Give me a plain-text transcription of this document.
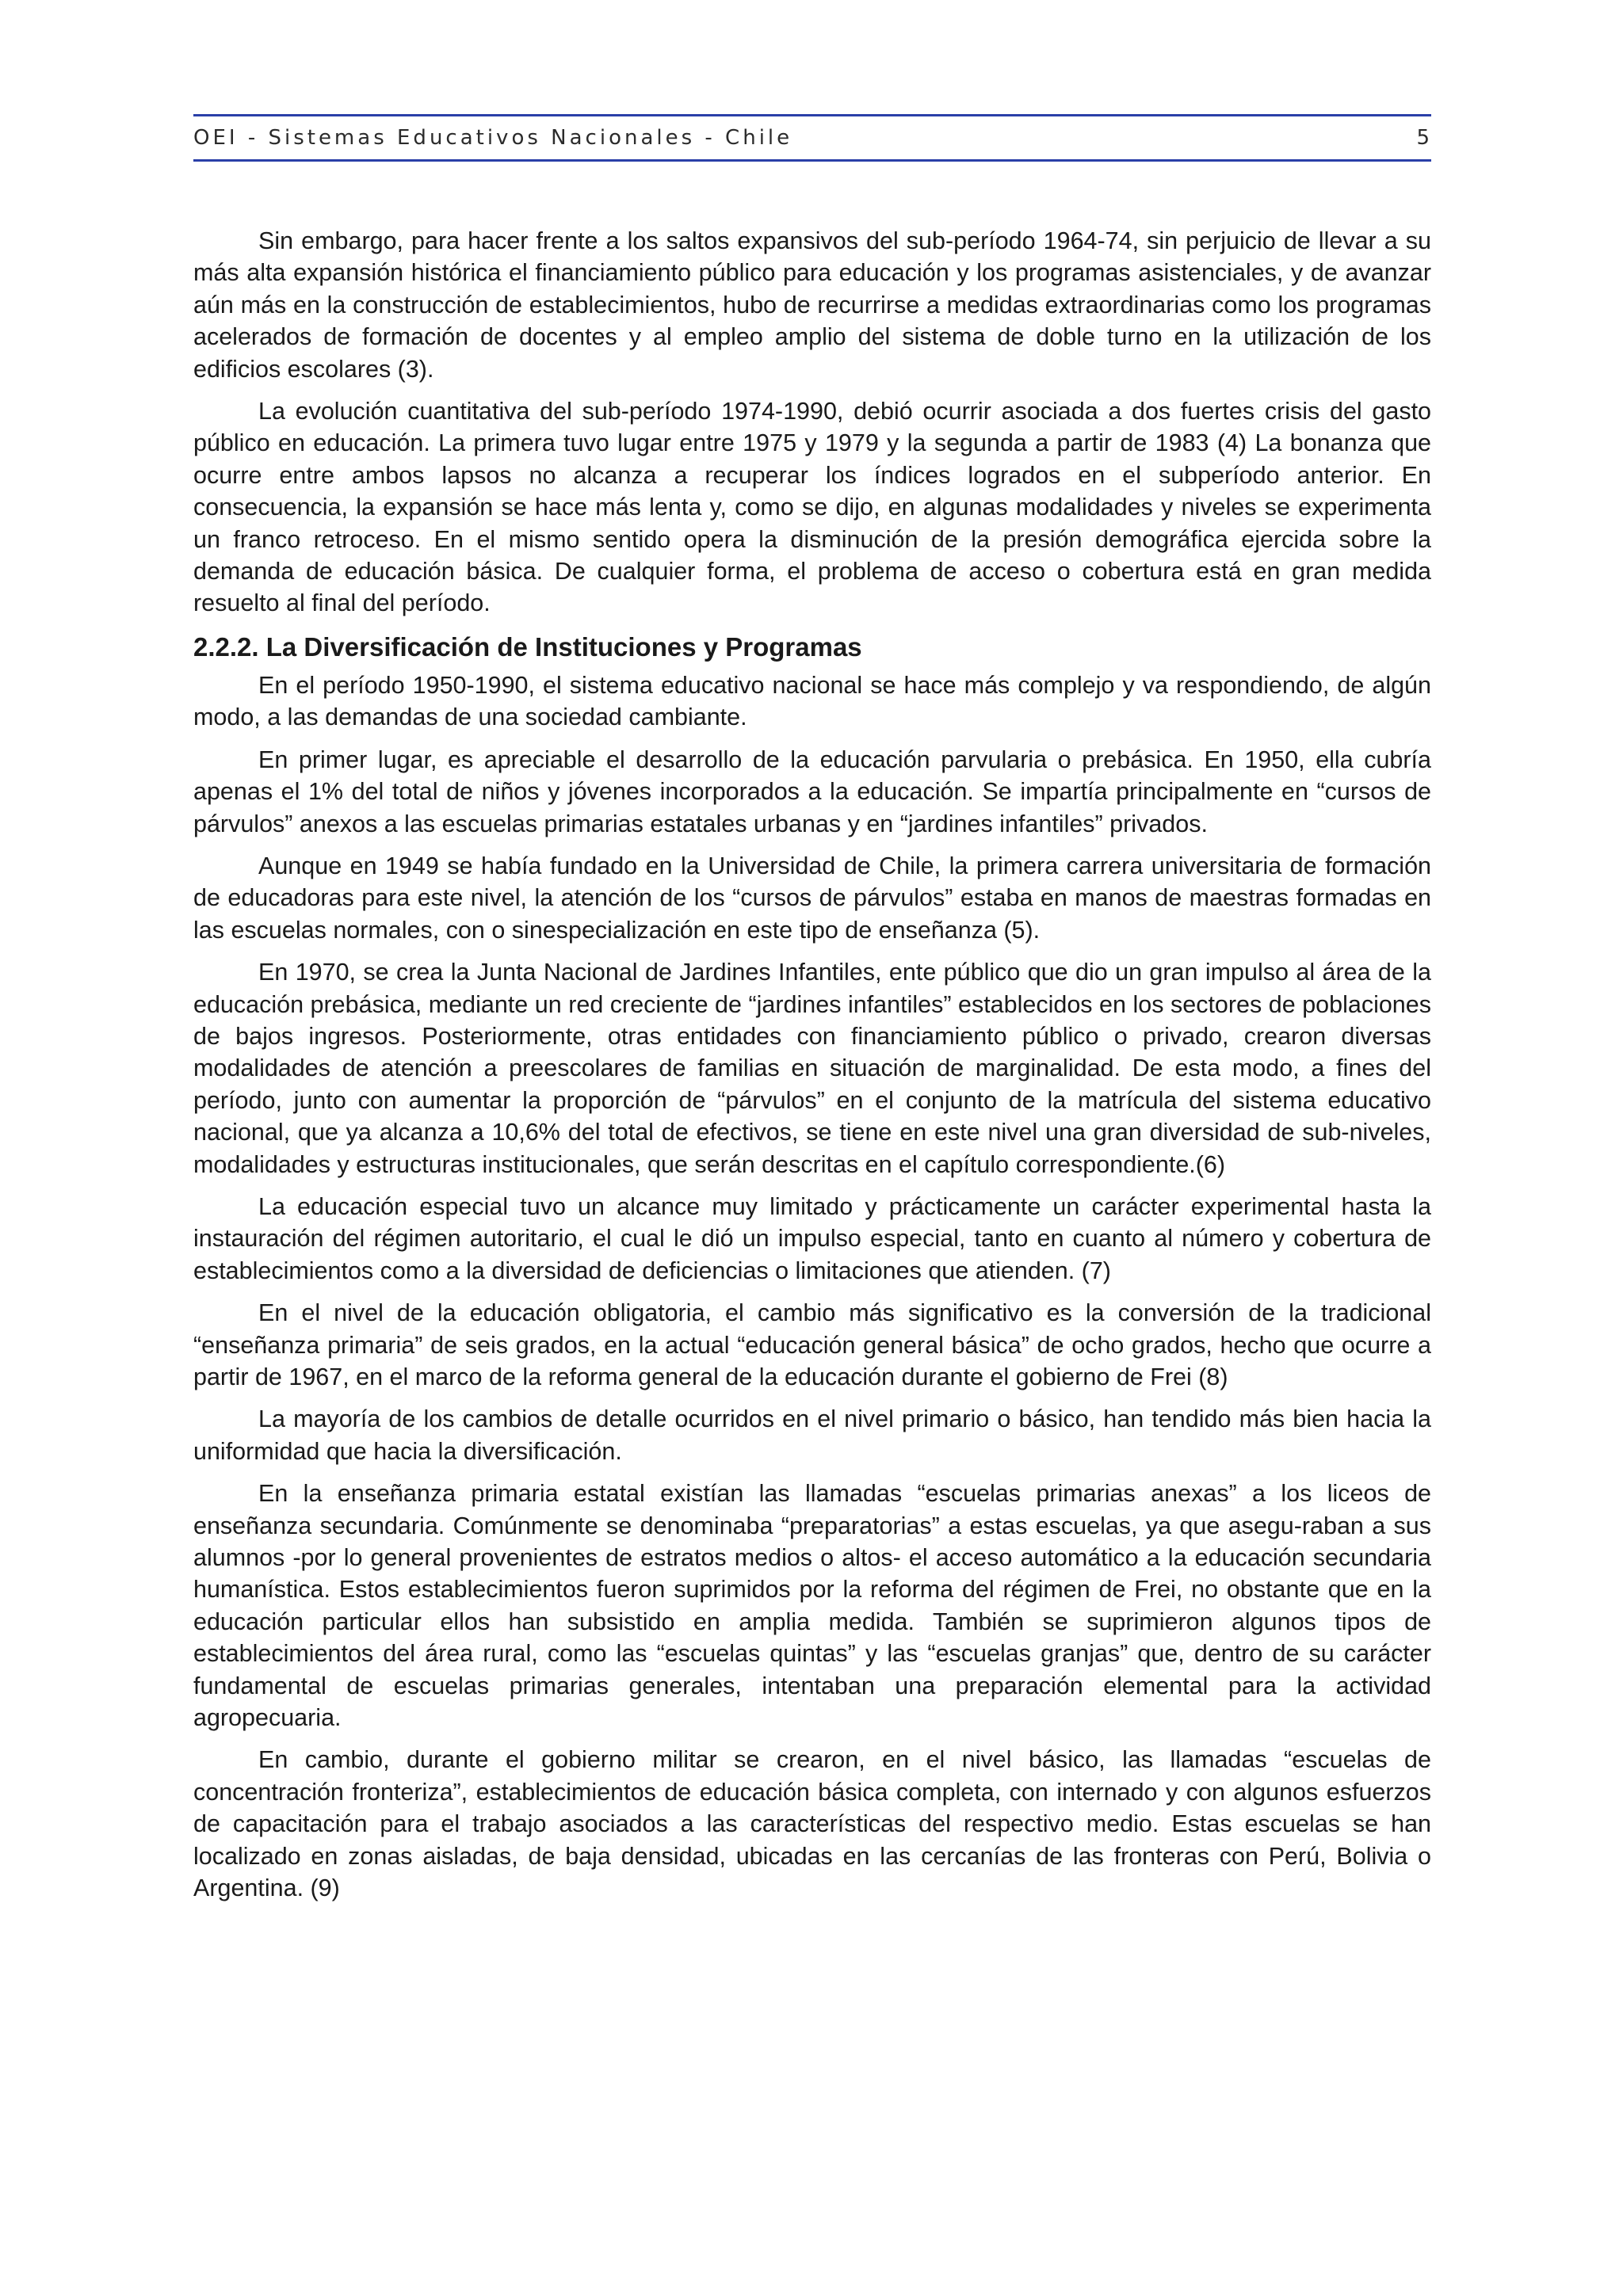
OEI - Sistemas Educativos Nacionales - Chile	5

Sin embargo, para hacer frente a los saltos expansivos del sub-período 1964-74, sin perjuicio de llevar a su más alta expansión histórica el financiamiento público para educación y los programas asistenciales, y de avanzar aún más en la construcción de establecimientos, hubo de recurrirse a medidas extraordinarias como los programas acelerados de formación de docentes y al empleo amplio del sistema de doble turno en la utilización de los edificios escolares (3).

La evolución cuantitativa del sub-período 1974-1990, debió ocurrir asociada a dos fuertes crisis del gasto público en educación. La primera tuvo lugar entre 1975 y 1979 y la segunda a partir de 1983 (4) La bonanza que ocurre entre ambos lapsos no alcanza a recuperar los índices logrados en el subperíodo anterior. En consecuencia, la expansión se hace más lenta y, como se dijo, en algunas modalidades y niveles se experimenta un franco retroceso. En el mismo sentido opera la disminución de la presión demográfica ejercida sobre la demanda de educación básica. De cualquier forma, el problema de acceso o cobertura está en gran medida resuelto al final del período.

2.2.2. La Diversificación de Instituciones y Programas

En el período 1950-1990, el sistema educativo nacional se hace más complejo y va respondiendo, de algún modo, a las demandas de una sociedad cambiante.

En primer lugar, es apreciable el desarrollo de la educación parvularia o prebásica. En 1950, ella cubría apenas el 1% del total de niños y jóvenes incorporados a la educación. Se impartía principalmente en “cursos de párvulos” anexos a las escuelas primarias estatales urbanas y en “jardines infantiles” privados.

Aunque en 1949 se había fundado en la Universidad de Chile, la primera carrera universitaria de formación de educadoras para este nivel, la atención de los “cursos de párvulos” estaba en manos de maestras formadas en las escuelas normales, con o sinespecialización en este tipo de enseñanza (5).

En 1970, se crea la Junta Nacional de Jardines Infantiles, ente público que dio un gran impulso al área de la educación prebásica, mediante un red creciente de “jardines infantiles” establecidos en los sectores de poblaciones de bajos ingresos. Posteriormente, otras entidades con financiamiento público o privado, crearon diversas modalidades de atención a preescolares de familias en situación de marginalidad. De esta modo, a fines del período, junto con aumentar la proporción de “párvulos” en el conjunto de la matrícula del sistema educativo nacional, que ya alcanza a 10,6% del total de efectivos, se tiene en este nivel una gran diversidad de sub-niveles, modalidades y estructuras institucionales, que serán descritas en el capítulo correspondiente.(6)

La educación especial tuvo un alcance muy limitado y prácticamente un carácter experimental hasta la instauración del régimen autoritario, el cual le dió un impulso especial, tanto en cuanto al número y cobertura de establecimientos como a la diversidad de deficiencias o limitaciones que atienden. (7)

En el nivel de la educación obligatoria, el cambio más significativo es la conversión de la tradicional “enseñanza primaria” de seis grados, en la actual “educación general básica” de ocho grados, hecho que ocurre a partir de 1967, en el marco de la reforma general de la educación durante el gobierno de Frei (8)

La mayoría de los cambios de detalle ocurridos en el nivel primario o básico, han tendido más bien hacia la uniformidad que hacia la diversificación.

En la enseñanza primaria estatal existían las llamadas “escuelas primarias anexas” a los liceos de enseñanza secundaria. Comúnmente se denominaba “preparatorias” a estas escuelas, ya que asegu-raban a sus alumnos -por lo general provenientes de estratos medios o altos- el acceso automático a la educación secundaria humanística. Estos establecimientos fueron suprimidos por la reforma del régimen de Frei, no obstante que en la educación particular ellos han subsistido en amplia medida. También se suprimieron algunos tipos de establecimientos del área rural, como las “escuelas quintas” y las “escuelas granjas” que, dentro de su carácter fundamental de escuelas primarias generales, intentaban una preparación elemental para la actividad agropecuaria.

En cambio, durante el gobierno militar se crearon, en el nivel básico, las llamadas “escuelas de concentración fronteriza”, establecimientos de educación básica completa, con internado y con algunos esfuerzos de capacitación para el trabajo asociados a las características del respectivo medio. Estas escuelas se han localizado en zonas aisladas, de baja densidad, ubicadas en las cercanías de las fronteras con Perú, Bolivia o Argentina. (9)
